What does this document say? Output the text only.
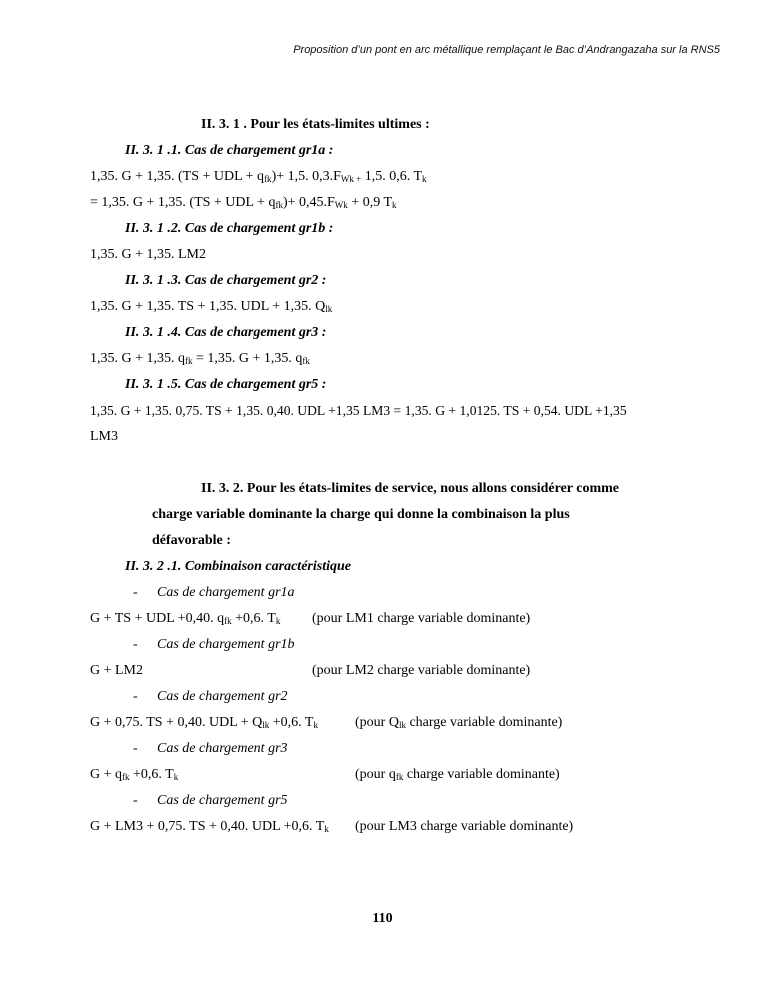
Proposition d’un pont en arc métallique remplaçant le Bac d’Andrangazaha sur la RNS5
II. 3. 1 . Pour les états-limites ultimes :
II. 3. 1 .1. Cas de chargement gr1a :
1,35. G + 1,35. (TS + UDL + $q_{fk})+ 1,5$. $0,3.F_{Wk +}$ 1,5. 0,6. $T_k$
= 1,35. G + 1,35. (TS + UDL + $q_{fk})+ 0,45.F_{Wk} + 0,9$ $T_k$
II. 3. 1 .2. Cas de chargement gr1b :
1,35. G + 1,35. LM2
II. 3. 1 .3. Cas de chargement gr2 :
1,35. G + 1,35. TS + 1,35. UDL + 1,35. $Q_{lk}$
II. 3. 1 .4. Cas de chargement gr3 :
1,35. G + 1,35. $q_{fk} = 1,35$. G + 1,35. $q_{fk}$
II. 3. 1 .5. Cas de chargement gr5 :
1,35. G + 1,35. 0,75. TS + 1,35. 0,40. UDL +1,35 LM3 = 1,35. G + 1,0125. TS + 0,54. UDL +1,35
LM3
II. 3. 2. Pour les états-limites de service, nous allons considérer comme
charge variable dominante la charge qui donne la combinaison la plus
défavorable :
II. 3. 2 .1. Combinaison caractéristique
- Cas de chargement gr1a
G + TS + UDL +0,40. $q_{fk} +0,6$. $T_k$ (pour LM1 charge variable dominante)
- Cas de chargement gr1b
G + LM2	(pour LM2 charge variable dominante)
- Cas de chargement gr2
G + 0,75. TS + 0,40. UDL + $Q_{lk} +0,6$. $T_k$	(pour $Q_{lk}$ charge variable dominante)
- Cas de chargement gr3
$G + q_{fk} +0,6$. $T_k$	(pour $q_{fk}$ charge variable dominante)
- Cas de chargement gr5
G + LM3 + 0,75. TS + 0,40. UDL +0,6. $T_k$ (pour LM3 charge variable dominante)
110
